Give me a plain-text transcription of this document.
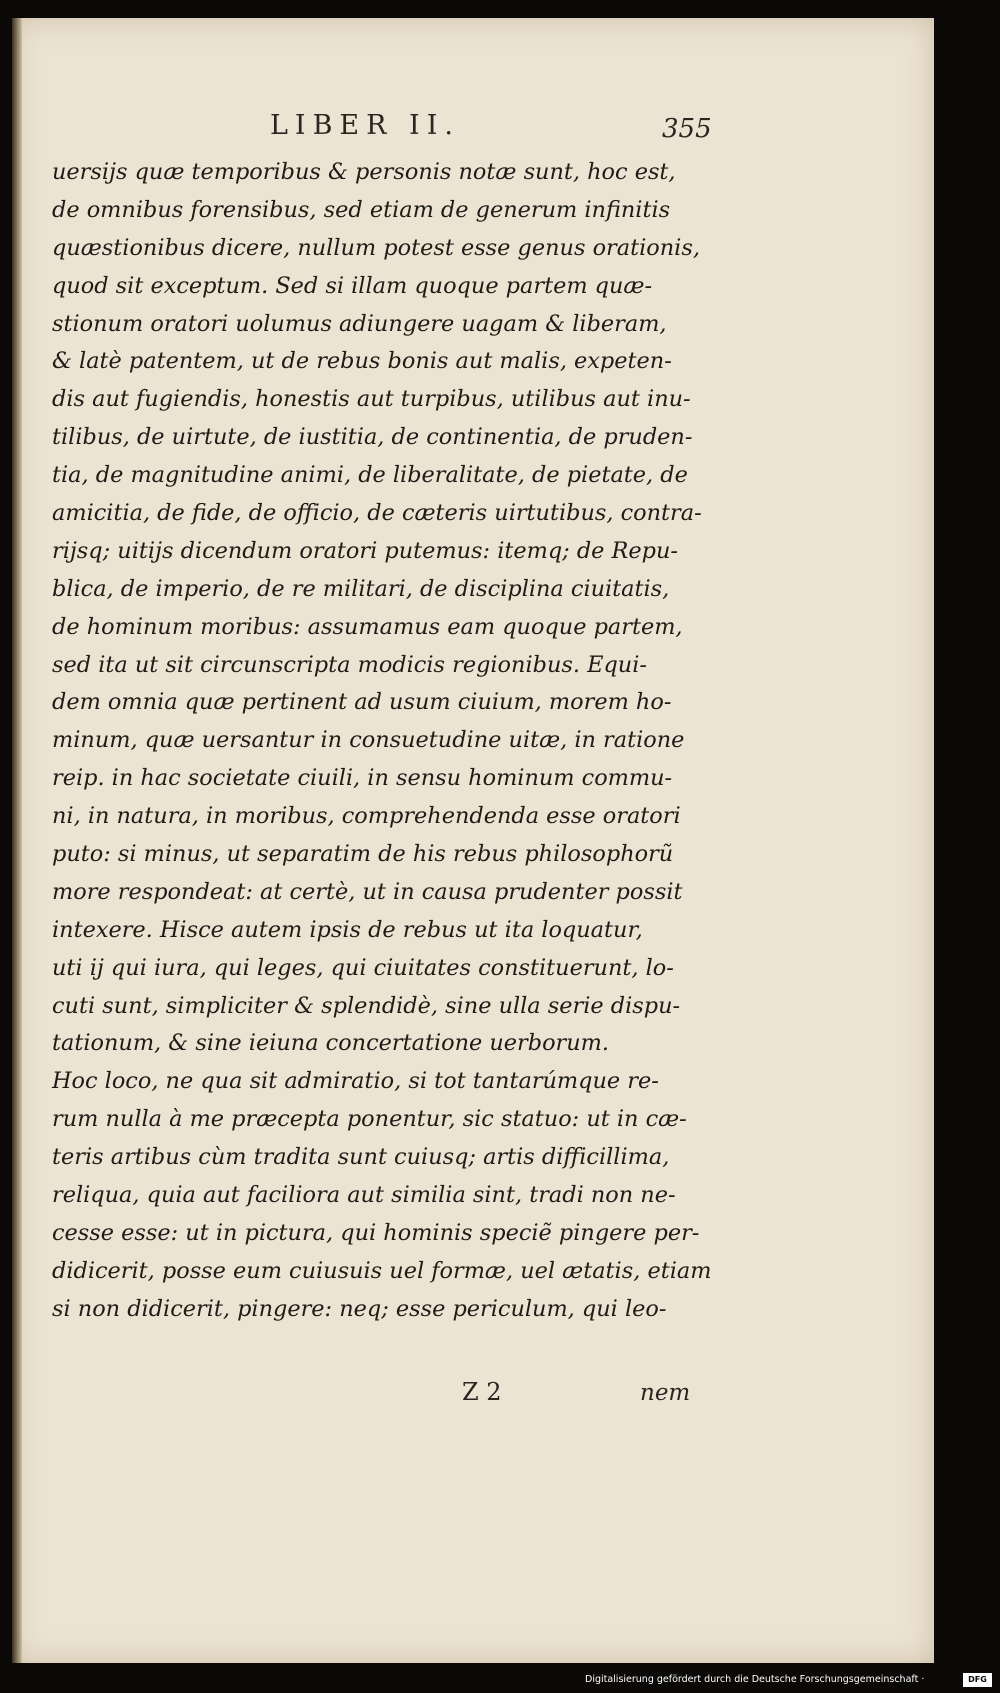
LIBER II.	355
uersijs quæ temporibus & personis notæ sunt, hoc est,
de omnibus forensibus, sed etiam de generum infinitis
quæstionibus dicere, nullum potest esse genus orationis,
quod sit exceptum. Sed si illam quoque partem quæ-
stionum oratori uolumus adiungere uagam & liberam,
& latè patentem, ut de rebus bonis aut malis, expeten-
dis aut fugiendis, honestis aut turpibus, utilibus aut inu-
tilibus, de uirtute, de iustitia, de continentia, de pruden-
tia, de magnitudine animi, de liberalitate, de pietate, de
amicitia, de fide, de officio, de cæteris uirtutibus, contra-
rijsq; uitijs dicendum oratori putemus: itemq; de Repu-
blica, de imperio, de re militari, de disciplina ciuitatis,
de hominum moribus: assumamus eam quoque partem,
sed ita ut sit circunscripta modicis regionibus. Equi-
dem omnia quæ pertinent ad usum ciuium, morem ho-
minum, quæ uersantur in consuetudine uitæ, in ratione
reip. in hac societate ciuili, in sensu hominum commu-
ni, in natura, in moribus, comprehendenda esse oratori
puto: si minus, ut separatim de his rebus philosophorũ
more respondeat: at certè, ut in causa prudenter possit
intexere. Hisce autem ipsis de rebus ut ita loquatur,
uti ij qui iura, qui leges, qui ciuitates constituerunt, lo-
cuti sunt, simpliciter & splendidè, sine ulla serie dispu-
tationum, & sine ieiuna concertatione uerborum.
Hoc loco, ne qua sit admiratio, si tot tantarúmque re-
rum nulla à me præcepta ponentur, sic statuo: ut in cæ-
teris artibus cùm tradita sunt cuiusq; artis difficillima,
reliqua, quia aut faciliora aut similia sint, tradi non ne-
cesse esse: ut in pictura, qui hominis speciẽ pingere per-
didicerit, posse eum cuiusuis uel formæ, uel ætatis, etiam
si non didicerit, pingere: neq; esse periculum, qui leo-
Z 2	nem
Digitalisierung gefördert durch die Deutsche Forschungsgemeinschaft ·	DFG
